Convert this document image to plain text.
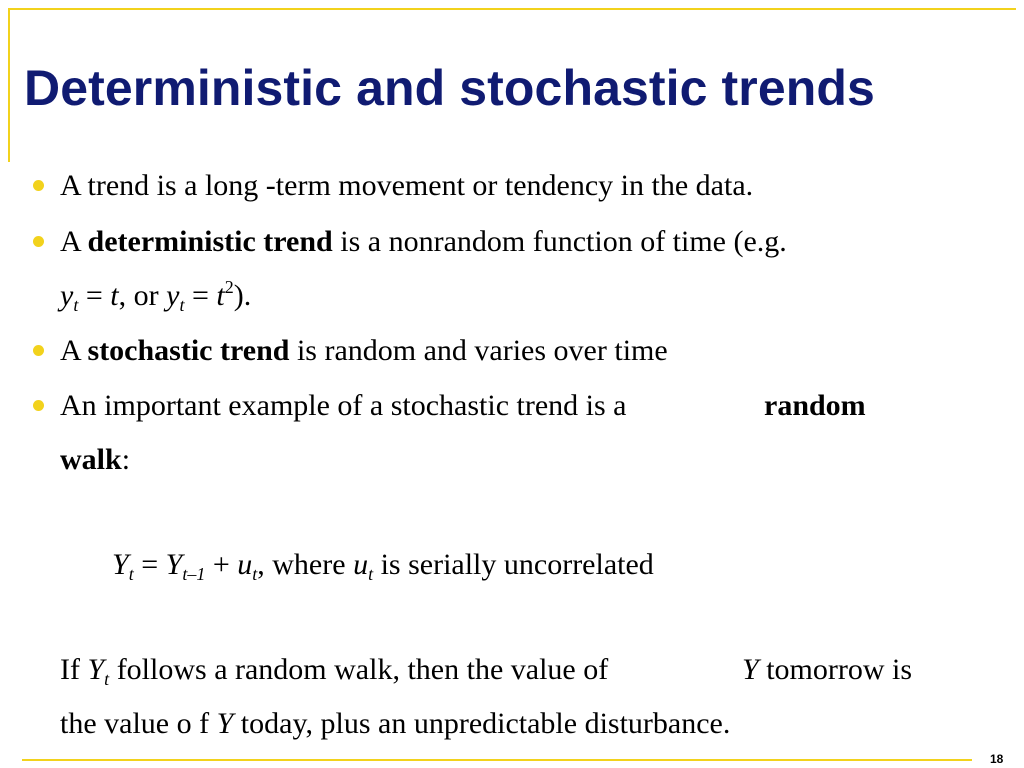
Deterministic and stochastic trends
A trend is a long -term movement or tendency in the data.
A deterministic trend is a nonrandom function of time (e.g.
$y_t = t$, or $y_t = t^2$).
A stochastic trend is random and varies over time
An important example of a stochastic trend is a	random
walk:
$Y_t = Y_{t-1} + u_t$, where $u_t$ is serially uncorrelated
If $Y_t$ follows a random walk, then the value of	Y tomorrow is
the value o f Y today, plus an unpredictable disturbance.
18
